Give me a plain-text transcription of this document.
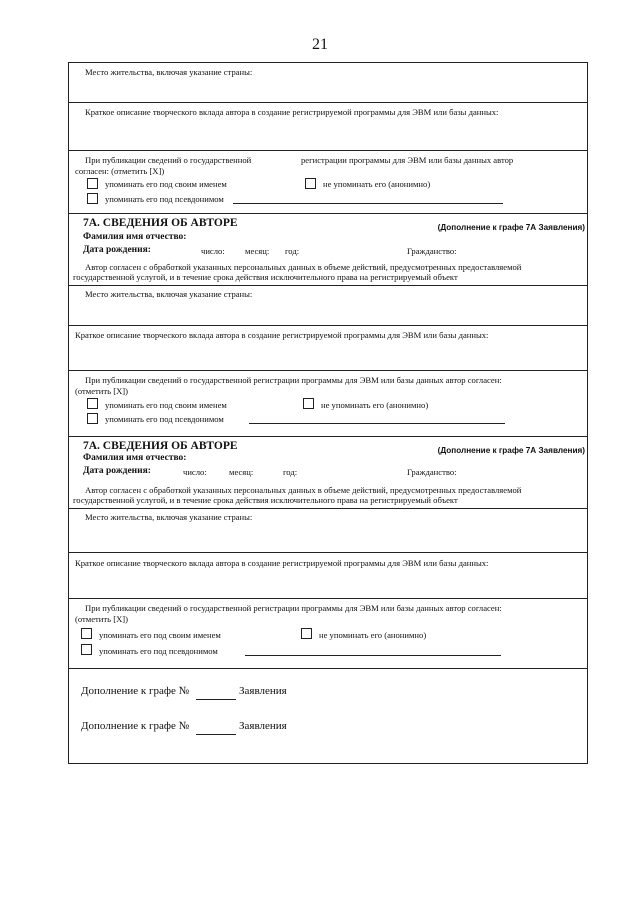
21
Место жительства, включая указание страны:
Краткое описание творческого вклада автора в создание регистрируемой программы для ЭВМ или базы данных:
При публикации сведений о государственной	регистрации программы для ЭВМ или базы данных автор
согласен: (отметить [X])
упоминать его под своим именем	не упоминать его (анонимно)
упоминать его под псевдонимом
7А. СВЕДЕНИЯ ОБ АВТОРЕ	(Дополнение к графе 7А Заявления)
Фамилия имя отчество:
Дата рождения:	число: месяц: год:	Гражданство:
Автор согласен с обработкой указанных персональных данных в объеме действий, предусмотренных предоставляемой
государственной услугой, и в течение срока действия исключительного права на регистрируемый объект
Место жительства, включая указание страны:
Краткое описание творческого вклада автора в создание регистрируемой программы для ЭВМ или базы данных:
При публикации сведений о государственной регистрации программы для ЭВМ или базы данных автор согласен:
(отметить [X])
упоминать его под своим именем	не упоминать его (анонимно)
упоминать его под псевдонимом
7А. СВЕДЕНИЯ ОБ АВТОРЕ	(Дополнение к графе 7А Заявления)
Фамилия имя отчество:
Дата рождения:	число:	месяц:	год:	Гражданство:
Автор согласен с обработкой указанных персональных данных в объеме действий, предусмотренных предоставляемой
государственной услугой, и в течение срока действия исключительного права на регистрируемый объект
Место жительства, включая указание страны:
Краткое описание творческого вклада автора в создание регистрируемой программы для ЭВМ или базы данных:
При публикации сведений о государственной регистрации программы для ЭВМ или базы данных автор согласен:
(отметить [X])
упоминать его под своим именем	не упоминать его (анонимно)
упоминать его под псевдонимом
Дополнение к графе №	Заявления
Дополнение к графе №	Заявления
